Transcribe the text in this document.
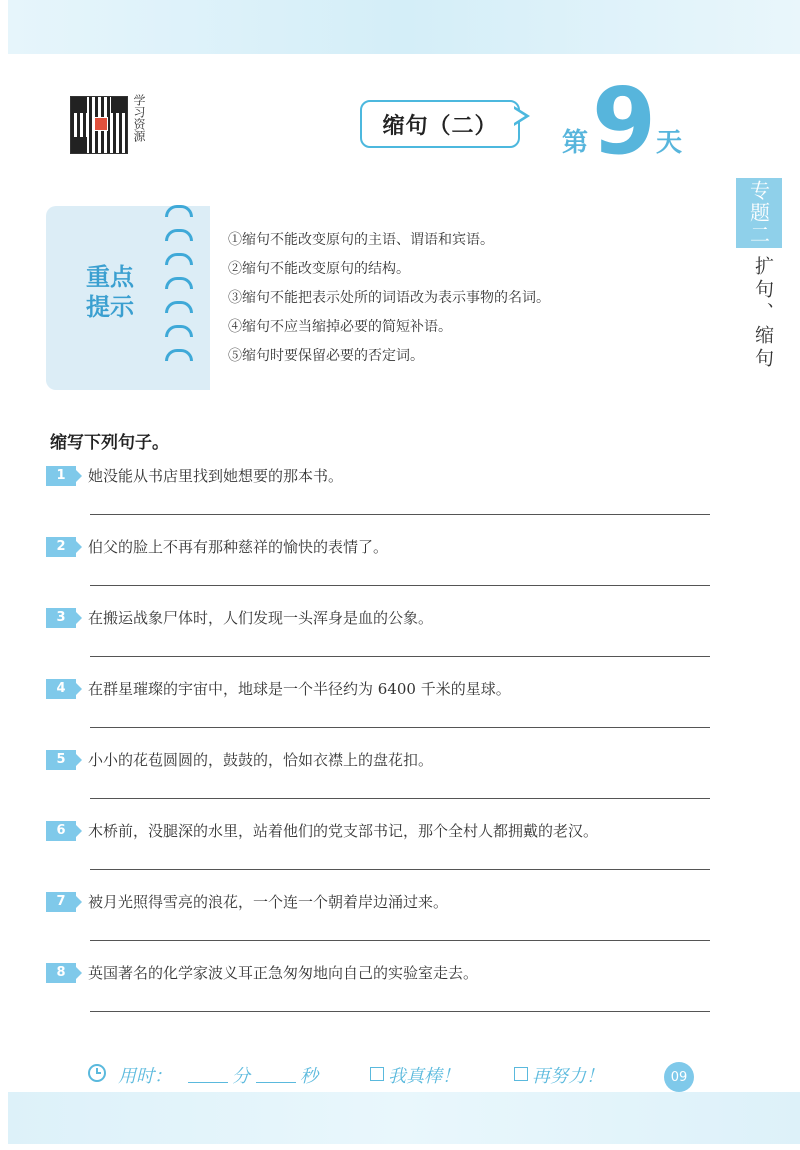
学习资源	缩句（二）
第 9 天
专题二
扩句、缩句
重点提示
①缩句不能改变原句的主语、谓语和宾语。
②缩句不能改变原句的结构。
③缩句不能把表示处所的词语改为表示事物的名词。
④缩句不应当缩掉必要的简短补语。
⑤缩句时要保留必要的否定词。
缩写下列句子。
1	她没能从书店里找到她想要的那本书。
2	伯父的脸上不再有那种慈祥的愉快的表情了。
3	在搬运战象尸体时，人们发现一头浑身是血的公象。
4	在群星璀璨的宇宙中，地球是一个半径约为 6400 千米的星球。
5	小小的花苞圆圆的，鼓鼓的，恰如衣襟上的盘花扣。
6	木桥前，没腿深的水里，站着他们的党支部书记，那个全村人都拥戴的老汉。
7	被月光照得雪亮的浪花，一个连一个朝着岸边涌过来。
8	英国著名的化学家波义耳正急匆匆地向自己的实验室走去。
用时：	分	秒	我真棒！	再努力！	09
